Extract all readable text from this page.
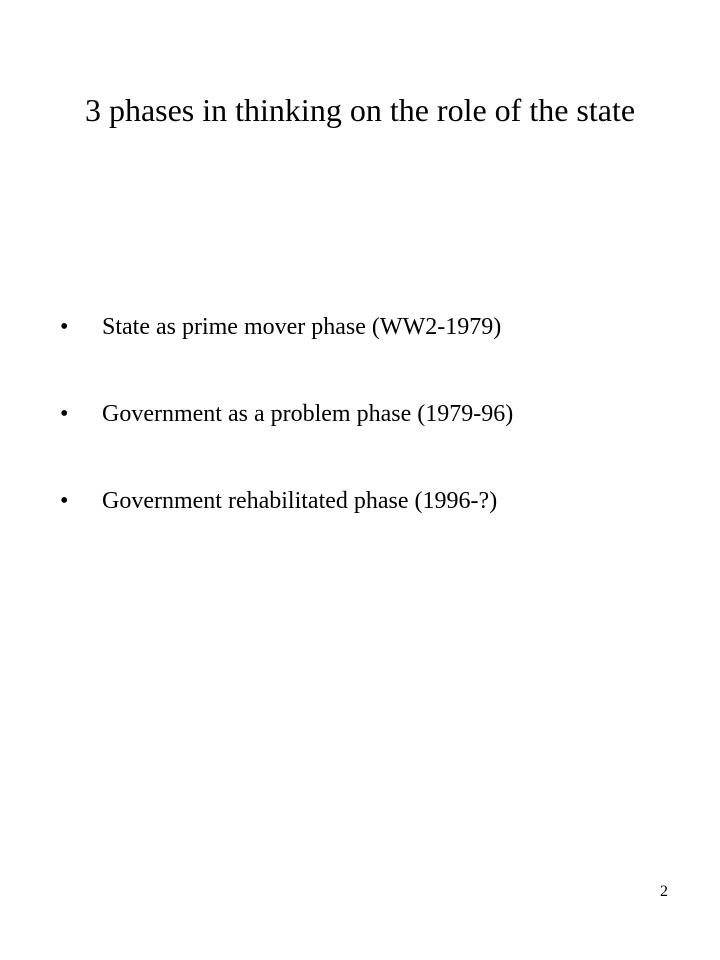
3 phases in thinking on the role of the state
•	State as prime mover phase (WW2-1979)
•	Government as a problem phase (1979-96)
•	Government rehabilitated phase (1996-?)
2
